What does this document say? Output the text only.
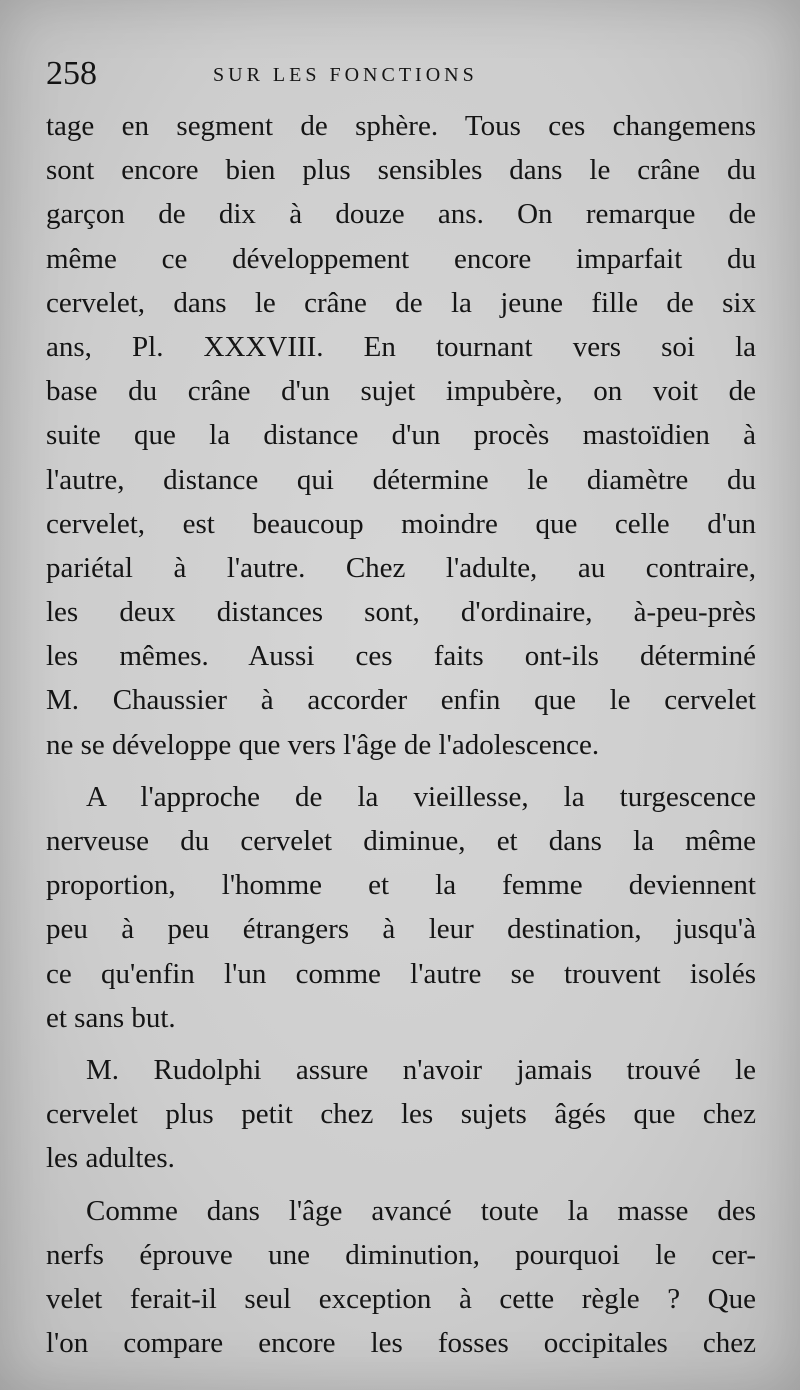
258	SUR LES FONCTIONS
tage en segment de sphère. Tous ces changemens
sont encore bien plus sensibles dans le crâne du
garçon de dix à douze ans. On remarque de
même ce développement encore imparfait du
cervelet, dans le crâne de la jeune fille de six
ans, Pl. XXXVIII. En tournant vers soi la
base du crâne d'un sujet impubère, on voit de
suite que la distance d'un procès mastoïdien à
l'autre, distance qui détermine le diamètre du
cervelet, est beaucoup moindre que celle d'un
pariétal à l'autre. Chez l'adulte, au contraire,
les deux distances sont, d'ordinaire, à-peu-près
les mêmes. Aussi ces faits ont-ils déterminé
M. Chaussier à accorder enfin que le cervelet
ne se développe que vers l'âge de l'adolescence.
A l'approche de la vieillesse, la turgescence
nerveuse du cervelet diminue, et dans la même
proportion, l'homme et la femme deviennent
peu à peu étrangers à leur destination, jusqu'à
ce qu'enfin l'un comme l'autre se trouvent isolés
et sans but.
M. Rudolphi assure n'avoir jamais trouvé le
cervelet plus petit chez les sujets âgés que chez
les adultes.
Comme dans l'âge avancé toute la masse des
nerfs éprouve une diminution, pourquoi le cer-
velet ferait-il seul exception à cette règle ? Que
l'on compare encore les fosses occipitales chez
